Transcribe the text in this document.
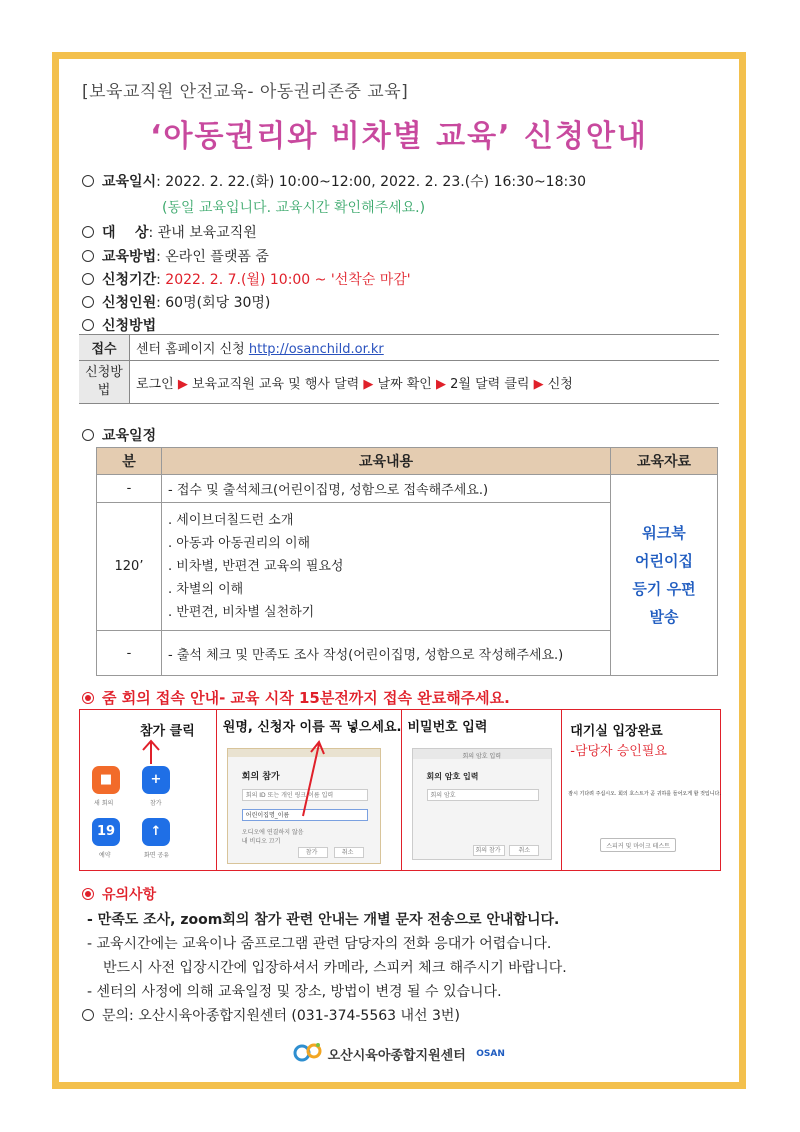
[보육교직원 안전교육- 아동권리존중 교육]
‘아동권리와 비차별 교육’ 신청안내
교육일시: 2022. 2. 22.(화) 10:00~12:00, 2022. 2. 23.(수) 16:30~18:30
(동일 교육입니다. 교육시간 확인해주세요.)
대    상: 관내 보육교직원
교육방법: 온라인 플랫폼 줌
신청기간: 2022. 2. 7.(월) 10:00 ~ '선착순 마감'
신청인원: 60명(회당 30명)
신청방법
접수	센터 홈페이지 신청 http://osanchild.or.kr
신청방법	로그인 ▶ 보육교직원 교육 및 행사 달력 ▶ 날짜 확인 ▶ 2월 달력 클릭 ▶ 신청
교육일정
분	교육내용	교육자료
-	- 접수 및 출석체크(어린이집명, 성함으로 접속해주세요.)	워크북
어린이집
등기 우편
발송

120’	. 세이브더칠드런 소개
. 아동과 아동권리의 이해
. 비차별, 반편견 교육의 필요성
. 차별의 이해
. 반편견, 비차별 실천하기	

-	- 출석 체크 및 만족도 조사 작성(어린이집명, 성함으로 작성해주세요.)	
줌 회의 접속 안내- 교육 시작 15분전까지 접속 완료해주세요.
참가 클릭
■
새 회의
+
참가
19
예약
↑
화면 공유
원명, 신청자 이름 꼭 넣으세요.
회의 참가
회의 ID 또는 개인 링크 이름 입력
어린이집명_이름
오디오에 연결하지 않음
내 비디오 끄기
참가	취소
비밀번호 입력
회의 암호 입력
회의 암호 입력
회의 암호
회의 참가	취소
대기실 입장완료
-담당자 승인필요
잠시 기다려 주십시오. 회의 호스트가 곧 귀하를 들어오게 할 것입니다.
스피커 및 마이크 테스트
유의사항
- 만족도 조사, zoom회의 참가 관련 안내는 개별 문자 전송으로 안내합니다.
- 교육시간에는 교육이나 줌프로그램 관련 담당자의 전화 응대가 어렵습니다.
반드시 사전 입장시간에 입장하셔서 카메라, 스피커 체크 해주시기 바랍니다.
- 센터의 사정에 의해 교육일정 및 장소, 방법이 변경 될 수 있습니다.
문의: 오산시육아종합지원센터 (031-374-5563 내선 3번)
오산시육아종합지원센터 OSAN
